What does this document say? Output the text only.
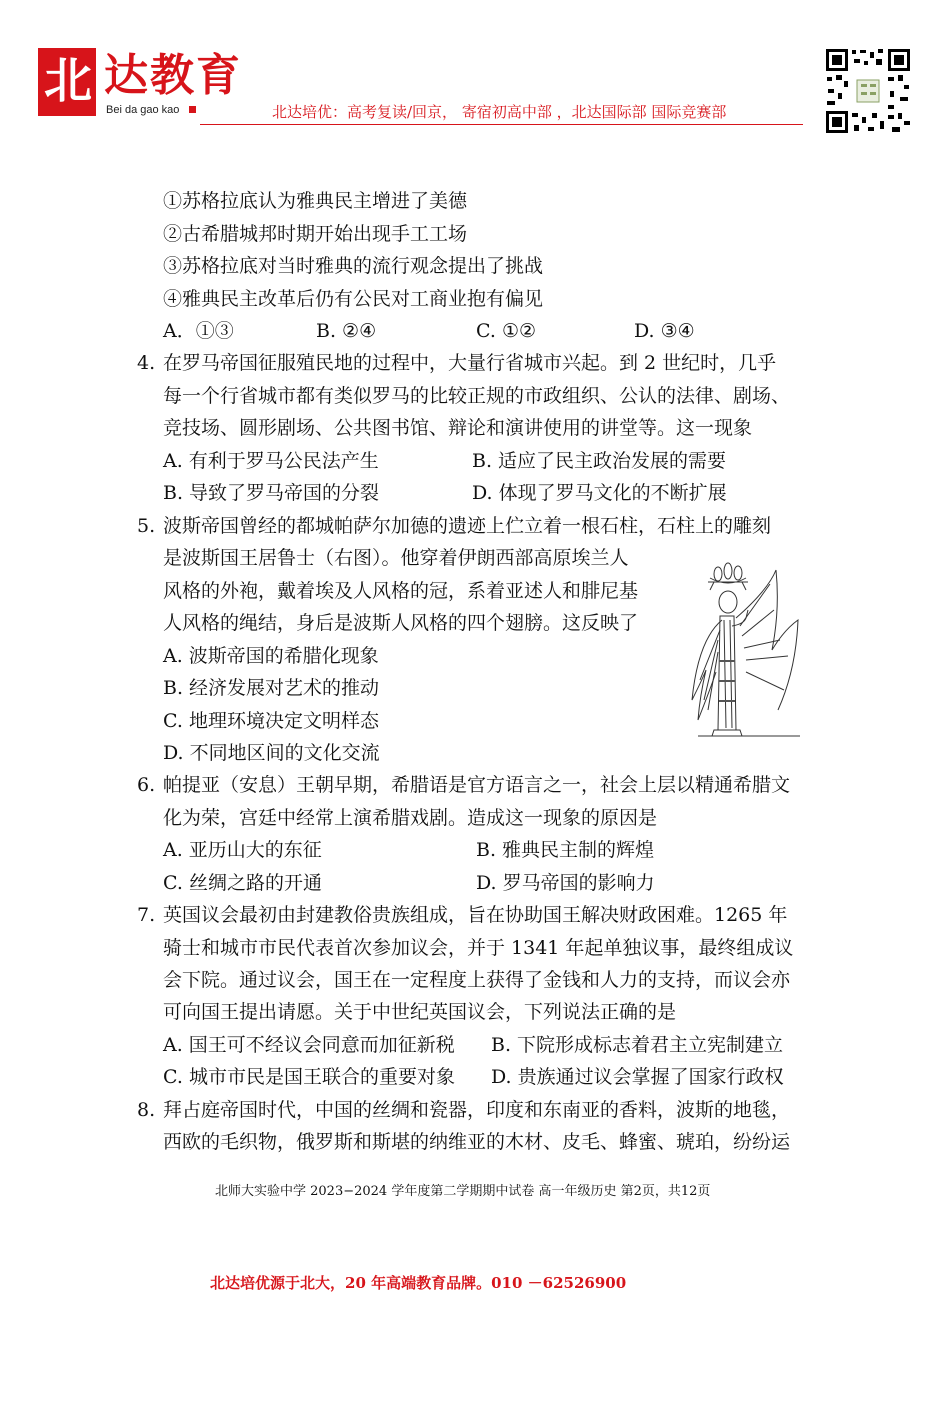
北 达教育
Bei da gao kao	北达培优：高考复读/回京， 寄宿初高中部 ，北达国际部 国际竞赛部
①苏格拉底认为雅典民主增进了美德
②古希腊城邦时期开始出现手工工场
③苏格拉底对当时雅典的流行观念提出了挑战
④雅典民主改革后仍有公民对工商业抱有偏见
A．①③	B. ②④	C. ①②	D. ③④
4. 在罗马帝国征服殖民地的过程中，大量行省城市兴起。到 2 世纪时，几乎
每一个行省城市都有类似罗马的比较正规的市政组织、公认的法律、剧场、
竞技场、圆形剧场、公共图书馆、辩论和演讲使用的讲堂等。这一现象
A. 有利于罗马公民法产生	B. 适应了民主政治发展的需要
B. 导致了罗马帝国的分裂	D. 体现了罗马文化的不断扩展
5. 波斯帝国曾经的都城帕萨尔加德的遗迹上伫立着一根石柱，石柱上的雕刻
是波斯国王居鲁士（右图）。他穿着伊朗西部高原埃兰人
风格的外袍，戴着埃及人风格的冠，系着亚述人和腓尼基
人风格的绳结，身后是波斯人风格的四个翅膀。这反映了
A. 波斯帝国的希腊化现象
B. 经济发展对艺术的推动
C. 地理环境决定文明样态
D. 不同地区间的文化交流
6. 帕提亚（安息）王朝早期，希腊语是官方语言之一，社会上层以精通希腊文
化为荣，宫廷中经常上演希腊戏剧。造成这一现象的原因是
A. 亚历山大的东征	B. 雅典民主制的辉煌
C. 丝绸之路的开通	D. 罗马帝国的影响力
7. 英国议会最初由封建教俗贵族组成，旨在协助国王解决财政困难。1265 年
骑士和城市市民代表首次参加议会，并于 1341 年起单独议事，最终组成议
会下院。通过议会，国王在一定程度上获得了金钱和人力的支持，而议会亦
可向国王提出请愿。关于中世纪英国议会，下列说法正确的是
A. 国王可不经议会同意而加征新税 B. 下院形成标志着君主立宪制建立
C. 城市市民是国王联合的重要对象 D. 贵族通过议会掌握了国家行政权
8. 拜占庭帝国时代，中国的丝绸和瓷器，印度和东南亚的香料，波斯的地毯，
西欧的毛织物，俄罗斯和斯堪的纳维亚的木材、皮毛、蜂蜜、琥珀，纷纷运
北师大实验中学 2023−2024 学年度第二学期期中试卷 高一年级历史 第2页，共12页
北达培优源于北大，20 年高端教育品牌。010 －62526900
